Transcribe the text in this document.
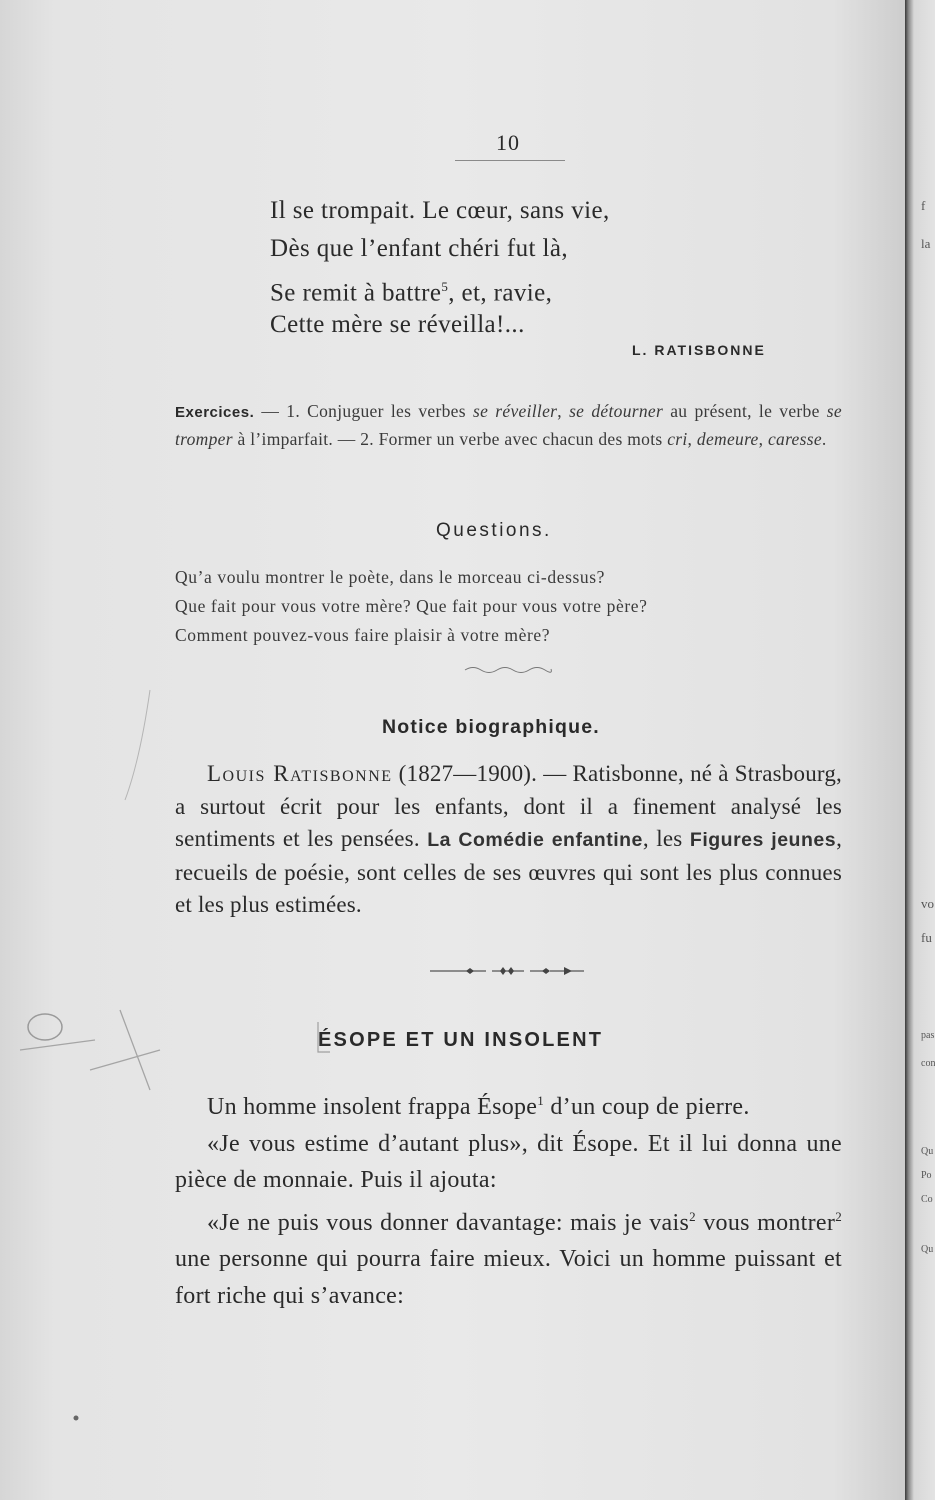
10
Il se trompait. Le cœur, sans vie,
Dès que l’enfant chéri fut là,
Se remit à battre$^5$, et, ravie,
Cette mère se réveilla!...
L. RATISBONNE
Exercices. — 1. Conjuguer les verbes se réveiller, se détourner au présent, le verbe se tromper à l’imparfait. — 2. Former un verbe avec chacun des mots cri, demeure, caresse.
Questions.
Qu’a voulu montrer le poète, dans le morceau ci-dessus?
Que fait pour vous votre mère? Que fait pour vous votre père?
Comment pouvez-vous faire plaisir à votre mère?
Notice biographique.
Louis Ratisbonne (1827—1900). — Ratisbonne, né à Strasbourg, a surtout écrit pour les enfants, dont il a finement analysé les sentiments et les pensées. La Comédie enfantine, les Figures jeunes, recueils de poésie, sont celles de ses œuvres qui sont les plus connues et les plus estimées.
ÉSOPE ET UN INSOLENT

Un homme insolent frappa Ésope$^1$ d’un coup de pierre.

«Je vous estime d’autant plus», dit Ésope. Et il lui donna une pièce de monnaie. Puis il ajouta:

«Je ne puis vous donner davantage: mais je vais$^2$ vous montrer$^2$ une personne qui pourra faire mieux. Voici un homme puissant et fort riche qui s’avance:

f
la
vo
fu
pas
con
Qu
Po
Co
Qu
